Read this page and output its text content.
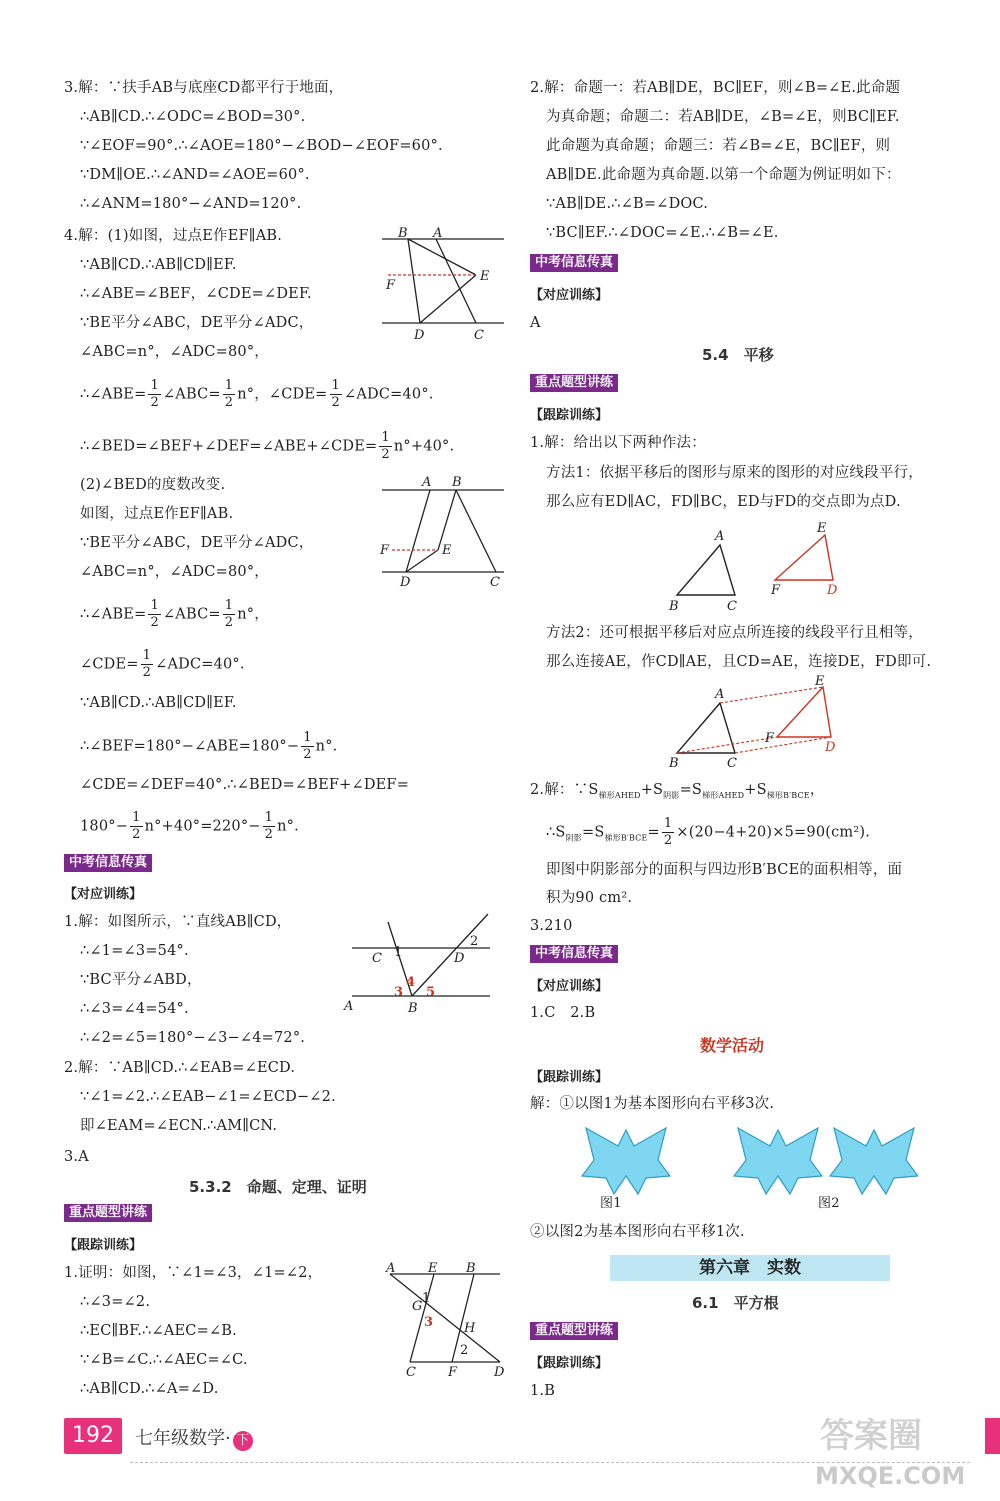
3.解：∵扶手AB与底座CD都平行于地面，
∴AB∥CD.∴∠ODC=∠BOD=30°.
∵∠EOF=90°.∴∠AOE=180°−∠BOD−∠EOF=60°.
∵DM∥OE.∴∠AND=∠AOE=60°.
∴∠ANM=180°−∠AND=120°.
4.解：(1)如图，过点E作EF∥AB.
∵AB∥CD.∴AB∥CD∥EF.
∴∠ABE=∠BEF，∠CDE=∠DEF.
∵BE平分∠ABC，DE平分∠ADC，
∠ABC=n°，∠ADC=80°，
∴∠ABE= $\frac{1}{2}$ ∠ABC= $\frac{1}{2} n^\circ$，∠CDE= $\frac{1}{2}$ ∠ADC=40°.
∴∠BED=∠BEF+∠DEF=∠ABE+∠CDE= $\frac{1}{2} n^\circ+40^\circ$.
(2)∠BED的度数改变.
如图，过点E作EF∥AB.
∵BE平分∠ABC，DE平分∠ADC，
∠ABC=n°，∠ADC=80°，
∴∠ABE= $\frac{1}{2}$ ∠ABC= $\frac{1}{2} n^\circ$，
∠CDE= $\frac{1}{2}$ ∠ADC=40°.
∵AB∥CD.∴AB∥CD∥EF.
∴∠BEF=180°−∠ABE=180°− $\frac{1}{2} n^\circ$.
∠CDE=∠DEF=40°.∴∠BED=∠BEF+∠DEF=
$180^\circ- \frac{1}{2} n^\circ+40^\circ=220^\circ- \frac{1}{2} n^\circ$.
中考信息传真
【对应训练】
1.解：如图所示，∵直线AB∥CD，
∴∠1=∠3=54°.
∵BC平分∠ABD，
∴∠3=∠4=54°.
∴∠2=∠5=180°−∠3−∠4=72°.
2.解：∵AB∥CD.∴∠EAB=∠ECD.
∵∠1=∠2.∴∠EAB−∠1=∠ECD−∠2.
即∠EAM=∠ECN.∴AM∥CN.
3.A
5.3.2　命题、定理、证明
重点题型讲练
【跟踪训练】
1.证明：如图，∵∠1=∠3，∠1=∠2，
∴∠3=∠2.
∴EC∥BF.∴∠AEC=∠B.
∵∠B=∠C.∴∠AEC=∠C.
∴AB∥CD.∴∠A=∠D.
B A
E
F
D	C
A B
E
F
D	C
C	D
1
2
4
3 5
A	B
A	E B
G
1
3 H
2
C F	D
2.解：命题一：若AB∥DE，BC∥EF，则∠B=∠E.此命题
为真命题；命题二：若AB∥DE，∠B=∠E，则BC∥EF.
此命题为真命题；命题三：若∠B=∠E，BC∥EF，则
AB∥DE.此命题为真命题.以第一个命题为例证明如下：
∵AB∥DE.∴∠B=∠DOC.
∵BC∥EF.∴∠DOC=∠E.∴∠B=∠E.
中考信息传真
【对应训练】
A
5.4　平移
重点题型讲练
【跟踪训练】
1.解：给出以下两种作法：
方法1：依据平移后的图形与原来的图形的对应线段平行，
那么应有ED∥AC，FD∥BC，ED与FD的交点即为点D.
方法2：还可根据平移后对应点所连接的线段平行且相等，
那么连接AE，作CD∥AE，且CD=AE，连接DE，FD即可.
2.解：$\because S_{梯形AHED}+S_{阴影}=S_{梯形AHED}+S_{梯形B'BCE}$，
$\therefore S_{阴影}=S_{梯形B'BCE}= \frac{1}{2} \times(20-4+20)\times 5=90(cm^2)$.
即图中阴影部分的面积与四边形B′BCE的面积相等，面
积为90 cm².
3.210
中考信息传真
【对应训练】
1.C　2.B
【跟踪训练】
解：①以图1为基本图形向右平移3次.
图1	图2
②以图2为基本图形向右平移1次.
6.1　平方根
重点题型讲练
【跟踪训练】
1.B
数学活动
第六章　实数
A
B	C
E
F	D
A
B	C
E
F
D
192	七年级数学· 下	答案圈
MXQE.COM
